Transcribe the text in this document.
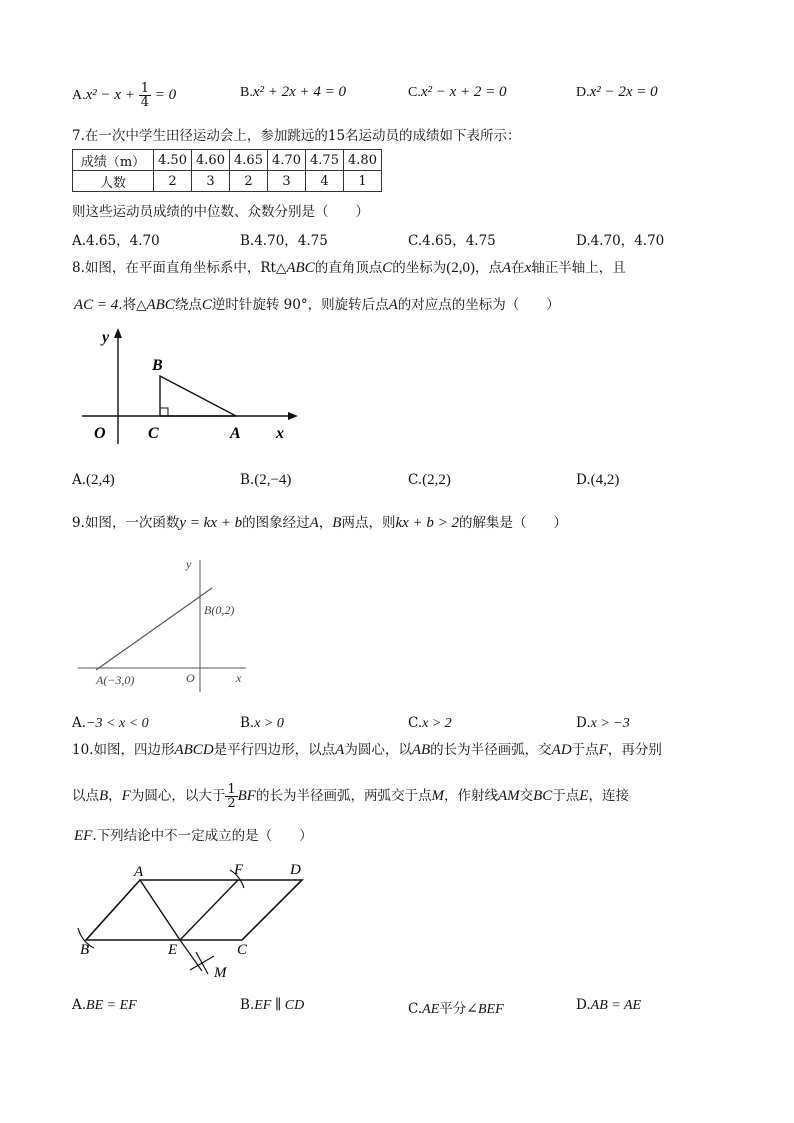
$A.x^2 - x + \frac{1}{4} = 0$	B.x² + 2x + 4 = 0	C.x² − x + 2 = 0	D.x² − 2x = 0
7.在一次中学生田径运动会上，参加跳远的15名运动员的成绩如下表所示：
成绩（m）	4.50	4.60	4.65	4.70	4.75	4.80
人数	2	3	2	3	4	1
则这些运动员成绩的中位数、众数分别是（　　）
A.4.65，4.70	B.4.70，4.75	C.4.65，4.75	D.4.70，4.70
8.如图，在平面直角坐标系中，Rt△ABC的直角顶点C的坐标为(2,0)，点A在x轴正半轴上，且
AC = 4.将△ABC绕点C逆时针旋转 90°，则旋转后点A的对应点的坐标为（　　）
y
x
O
B
C	A
A.(2,4)	B.(2,−4)	C.(2,2)	D.(4,2)
9.如图，一次函数y = kx + b的图象经过A，B两点，则kx + b > 2的解集是（　　）
y
x
O
B(0,2)
A(−3,0)
A.−3 < x < 0	B.x > 0	C.x > 2	D.x > −3
10.如图，四边形ABCD是平行四边形，以点A为圆心，以AB的长为半径画弧，交AD于点F，再分别
以点B，F为圆心，以大于 $\frac{1}{2}$ BF的长为半径画弧，两弧交于点M，作射线AM交BC于点E，连接
EF.下列结论中不一定成立的是（　　）
A	F	D
B	E	C
M
A.BE = EF	B.EF ∥ CD	C.AE平分∠BEF	D.AB = AE
